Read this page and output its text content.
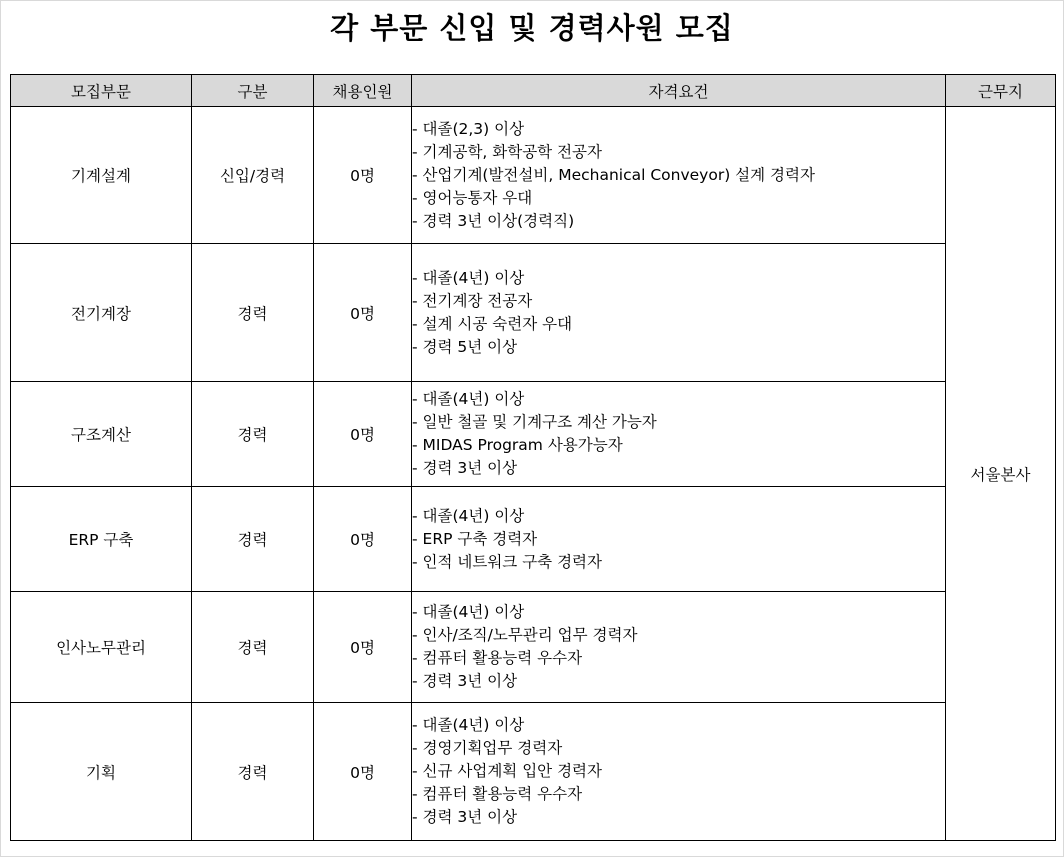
각 부문 신입 및 경력사원 모집
모집부문	구분	채용인원	자격요건	근무지
기계설계	신입/경력	0명	- 대졸(2,3) 이상
- 기계공학, 화학공학 전공자
- 산업기계(발전설비, Mechanical Conveyor) 설계 경력자
- 영어능통자 우대
- 경력 3년 이상(경력직)	서울본사
전기계장	경력	0명	- 대졸(4년) 이상
- 전기계장 전공자
- 설계 시공 숙련자 우대
- 경력 5년 이상	

구조계산	경력	0명	- 대졸(4년) 이상
- 일반 철골 및 기계구조 계산 가능자
- MIDAS Program 사용가능자
- 경력 3년 이상	

ERP 구축	경력	0명	- 대졸(4년) 이상
- ERP 구축 경력자
- 인적 네트워크 구축 경력자	

인사노무관리	경력	0명	- 대졸(4년) 이상
- 인사/조직/노무관리 업무 경력자
- 컴퓨터 활용능력 우수자
- 경력 3년 이상	

기획	경력	0명	- 대졸(4년) 이상
- 경영기획업무 경력자
- 신규 사업계획 입안 경력자
- 컴퓨터 활용능력 우수자
- 경력 3년 이상	
